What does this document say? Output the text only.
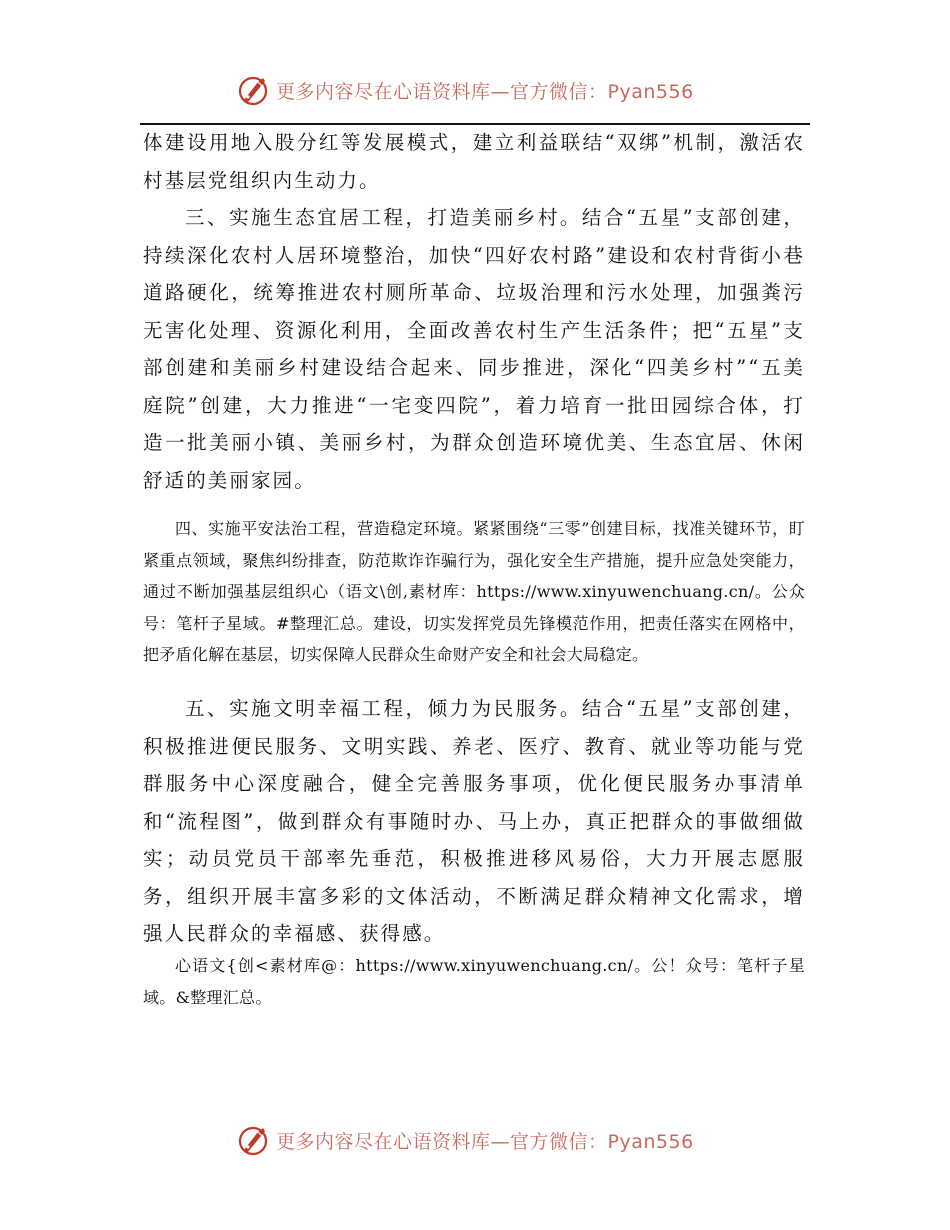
更多内容尽在心语资料库—官方微信：Pyan556

体建设用地入股分红等发展模式，建立利益联结“双绑”机制，激活农村基层党组织内生动力。

三、实施生态宜居工程，打造美丽乡村。结合“五星”支部创建，持续深化农村人居环境整治，加快“四好农村路”建设和农村背街小巷道路硬化，统筹推进农村厕所革命、垃圾治理和污水处理，加强粪污无害化处理、资源化利用，全面改善农村生产生活条件；把“五星”支部创建和美丽乡村建设结合起来、同步推进，深化“四美乡村”“五美庭院”创建，大力推进“一宅变四院”，着力培育一批田园综合体，打造一批美丽小镇、美丽乡村，为群众创造环境优美、生态宜居、休闲舒适的美丽家园。

四、实施平安法治工程，营造稳定环境。紧紧围绕“三零”创建目标，找准关键环节，盯紧重点领域，聚焦纠纷排查，防范欺诈诈骗行为，强化安全生产措施，提升应急处突能力，通过不断加强基层组织心（语文\创,素材库：https://www.xinyuwenchuang.cn/。公众号：笔杆子星域。#整理汇总。建设，切实发挥党员先锋模范作用，把责任落实在网格中，把矛盾化解在基层，切实保障人民群众生命财产安全和社会大局稳定。

五、实施文明幸福工程，倾力为民服务。结合“五星”支部创建，积极推进便民服务、文明实践、养老、医疗、教育、就业等功能与党群服务中心深度融合，健全完善服务事项，优化便民服务办事清单和“流程图”，做到群众有事随时办、马上办，真正把群众的事做细做实；动员党员干部率先垂范，积极推进移风易俗，大力开展志愿服务，组织开展丰富多彩的文体活动，不断满足群众精神文化需求，增强人民群众的幸福感、获得感。

心语文{创<素材库@：https://www.xinyuwenchuang.cn/。公！众号：笔杆子星域。&整理汇总。

更多内容尽在心语资料库—官方微信：Pyan556
